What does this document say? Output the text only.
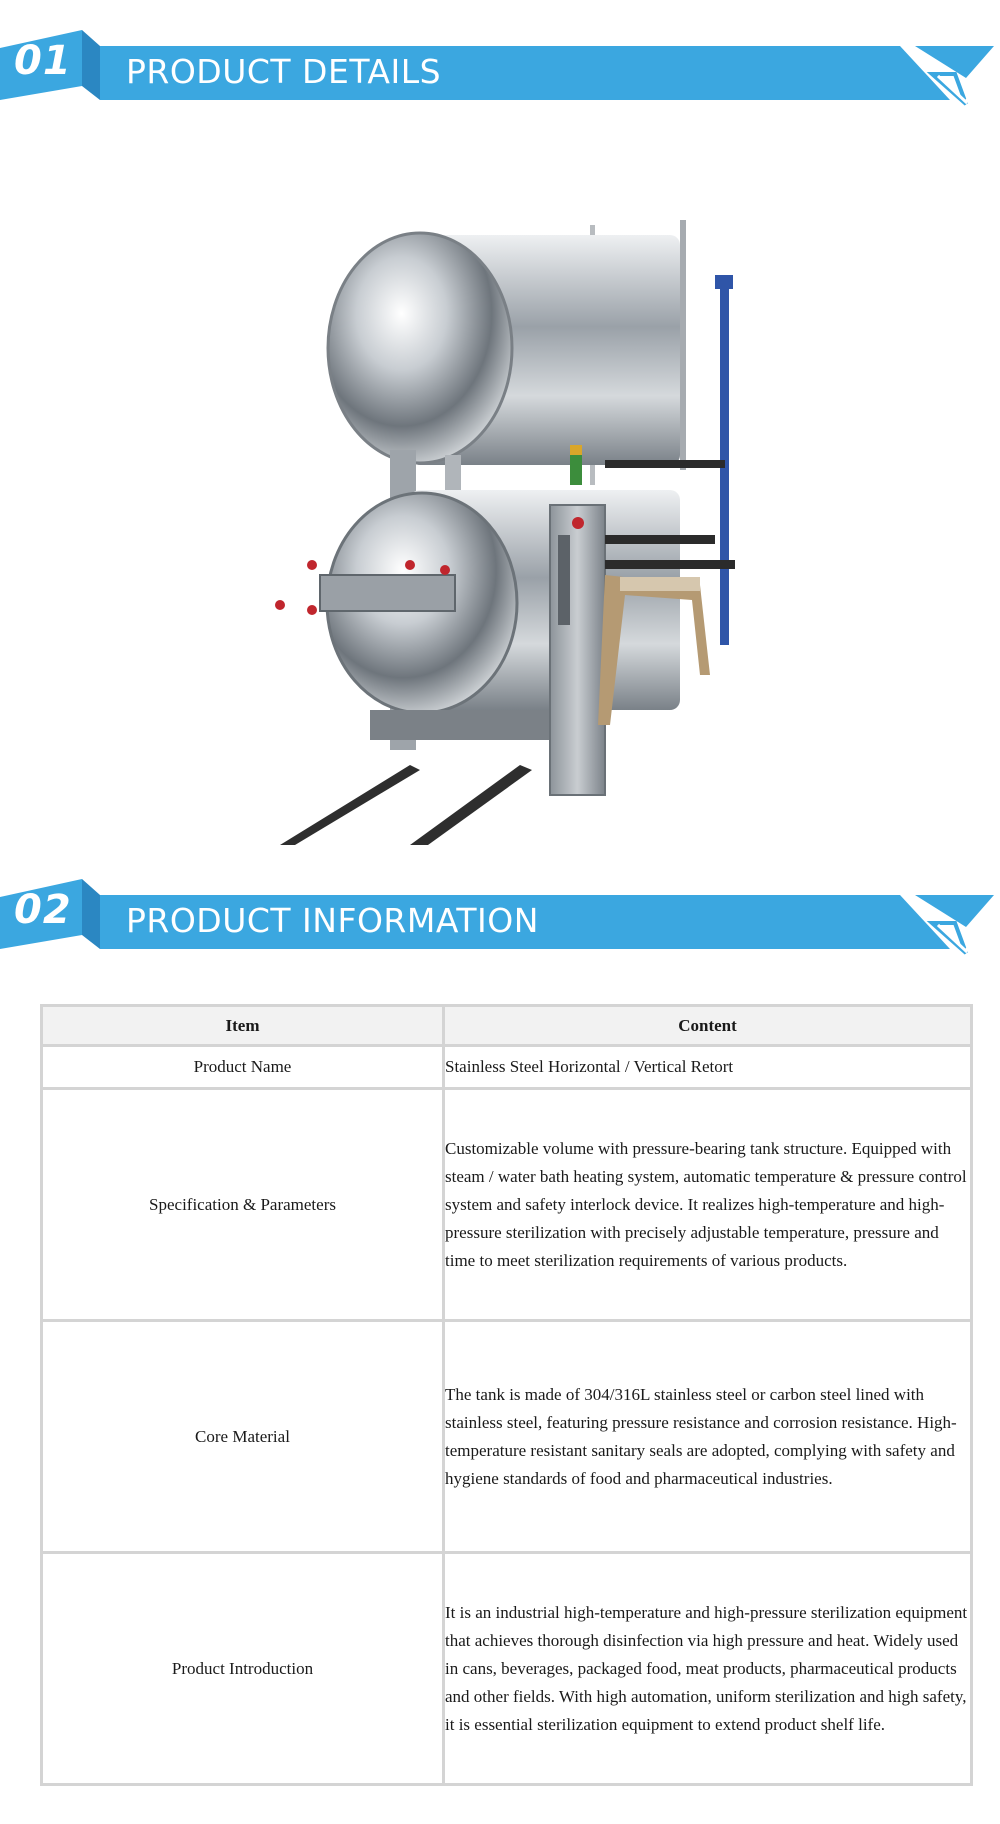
01	PRODUCT DETAILS
02	PRODUCT INFORMATION
Item	Content
Product Name	Stainless Steel Horizontal / Vertical Retort
Specification & Parameters	Customizable volume with pressure-bearing tank structure. Equipped with steam / water bath heating system, automatic temperature & pressure control system and safety interlock device. It realizes high-temperature and high-pressure sterilization with precisely adjustable temperature, pressure and time to meet sterilization requirements of various products.
Core Material	The tank is made of 304/316L stainless steel or carbon steel lined with stainless steel, featuring pressure resistance and corrosion resistance. High-temperature resistant sanitary seals are adopted, complying with safety and hygiene standards of food and pharmaceutical industries.
Product Introduction	It is an industrial high-temperature and high-pressure sterilization equipment that achieves thorough disinfection via high pressure and heat. Widely used in cans, beverages, packaged food, meat products, pharmaceutical products and other fields. With high automation, uniform sterilization and high safety, it is essential sterilization equipment to extend product shelf life.
